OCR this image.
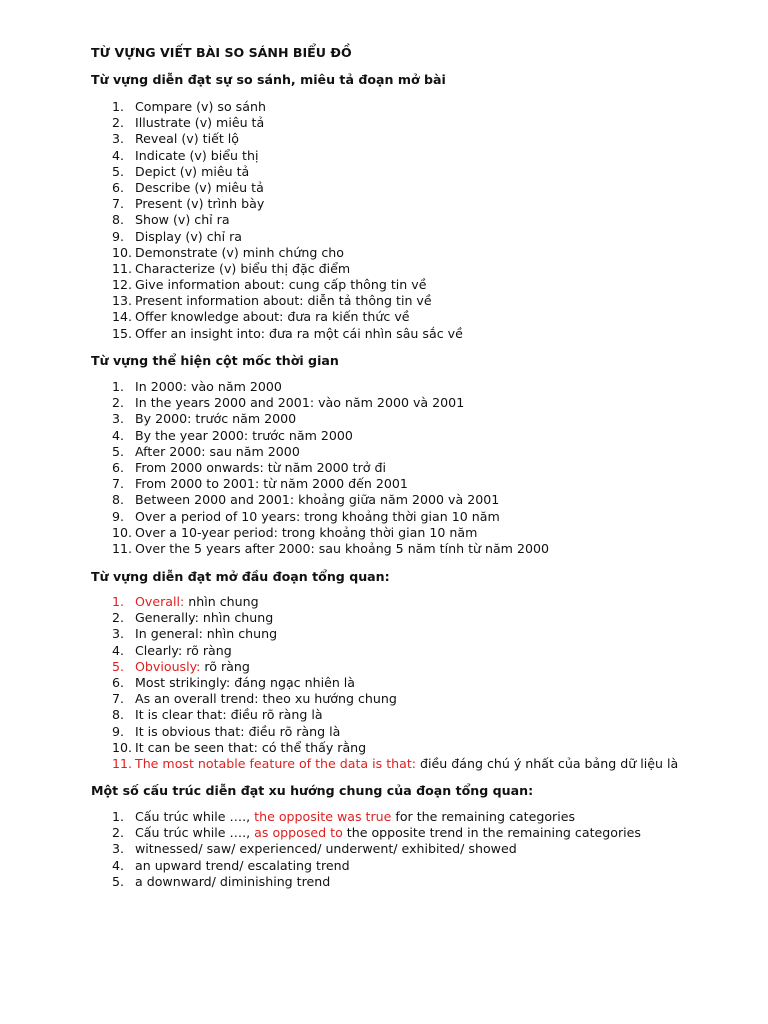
TỪ VỰNG VIẾT BÀI SO SÁNH BIỂU ĐỒ
Từ vựng diễn đạt sự so sánh, miêu tả đoạn mở bài
1. Compare (v) so sánh
2. Illustrate (v) miêu tả
3. Reveal (v) tiết lộ
4. Indicate (v) biểu thị
5. Depict (v) miêu tả
6. Describe (v) miêu tả
7. Present (v) trình bày
8. Show (v) chỉ ra
9. Display (v) chỉ ra
10. Demonstrate (v) minh chứng cho
11. Characterize (v) biểu thị đặc điểm
12. Give information about: cung cấp thông tin về
13. Present information about: diễn tả thông tin về
14. Offer knowledge about: đưa ra kiến thức về
15. Offer an insight into: đưa ra một cái nhìn sâu sắc về
Từ vựng thể hiện cột mốc thời gian
1. In 2000: vào năm 2000
2. In the years 2000 and 2001: vào năm 2000 và 2001
3. By 2000: trước năm 2000
4. By the year 2000: trước năm 2000
5. After 2000: sau năm 2000
6. From 2000 onwards: từ năm 2000 trở đi
7. From 2000 to 2001: từ năm 2000 đến 2001
8. Between 2000 and 2001: khoảng giữa năm 2000 và 2001
9. Over a period of 10 years: trong khoảng thời gian 10 năm
10. Over a 10-year period: trong khoảng thời gian 10 năm
11. Over the 5 years after 2000: sau khoảng 5 năm tính từ năm 2000
Từ vựng diễn đạt mở đầu đoạn tổng quan:
1. Overall: nhìn chung
2. Generally: nhìn chung
3. In general: nhìn chung
4. Clearly: rõ ràng
5. Obviously: rõ ràng
6. Most strikingly: đáng ngạc nhiên là
7. As an overall trend: theo xu hướng chung
8. It is clear that: điều rõ ràng là
9. It is obvious that: điều rõ ràng là
10. It can be seen that: có thể thấy rằng
11. The most notable feature of the data is that: điều đáng chú ý nhất của bảng dữ liệu là
Một số cấu trúc diễn đạt xu hướng chung của đoạn tổng quan:
1. Cấu trúc while …., the opposite was true for the remaining categories
2. Cấu trúc while …., as opposed to the opposite trend in the remaining categories
3. witnessed/ saw/ experienced/ underwent/ exhibited/ showed
4. an upward trend/ escalating trend
5. a downward/ diminishing trend
